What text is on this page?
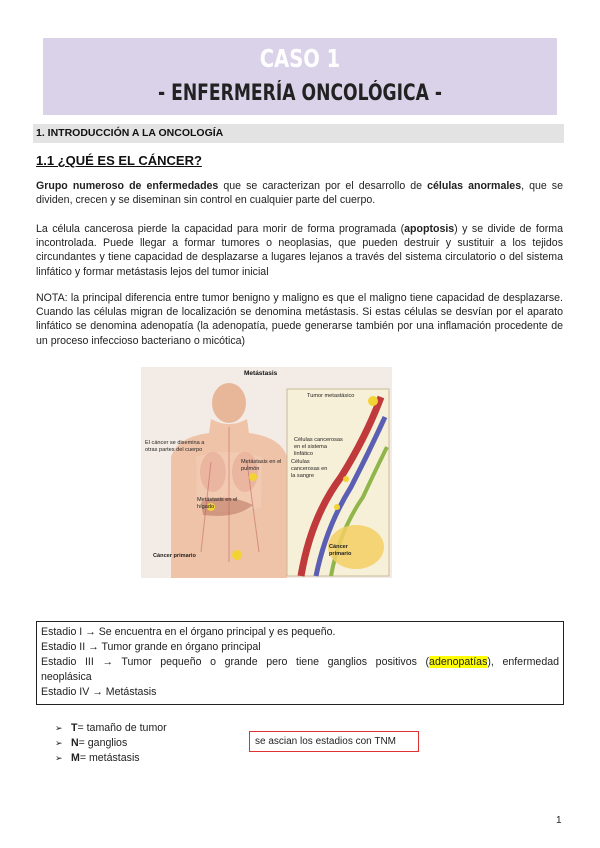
CASO 1
- ENFERMERÍA ONCOLÓGICA -
1. INTRODUCCIÓN A LA ONCOLOGÍA
1.1 ¿QUÉ ES EL CÁNCER?
Grupo numeroso de enfermedades que se caracterizan por el desarrollo de células anormales, que se dividen, crecen y se diseminan sin control en cualquier parte del cuerpo.
La célula cancerosa pierde la capacidad para morir de forma programada (apoptosis) y se divide de forma incontrolada. Puede llegar a formar tumores o neoplasias, que pueden destruir y sustituir a los tejidos circundantes y tiene capacidad de desplazarse a lugares lejanos a través del sistema circulatorio o del sistema linfático y formar metástasis lejos del tumor inicial
NOTA: la principal diferencia entre tumor benigno y maligno es que el maligno tiene capacidad de desplazarse. Cuando las células migran de localización se denomina metástasis. Si estas células se desvían por el aparato linfático se denomina adenopatía (la adenopatía, puede generarse también por una inflamación procedente de un proceso infeccioso bacteriano o micótica)
Metástasis
El cáncer se disemina a otras partes del cuerpo
Metástasis en el pulmón
Metástasis en el hígado
Cáncer primario
Tumor metastásico
Células cancerosas en el sistema linfático
Células cancerosas en la sangre
Cáncer primario
Estadio I → Se encuentra en el órgano principal y es pequeño.
Estadio II → Tumor grande en órgano principal
Estadio III → Tumor pequeño o grande pero tiene ganglios positivos (adenopatías), enfermedad
neoplásica
Estadio IV → Metástasis
➢ T = tamaño de tumor
➢ N = ganglios
➢ M = metástasis
se ascian los estadios con TNM
1
